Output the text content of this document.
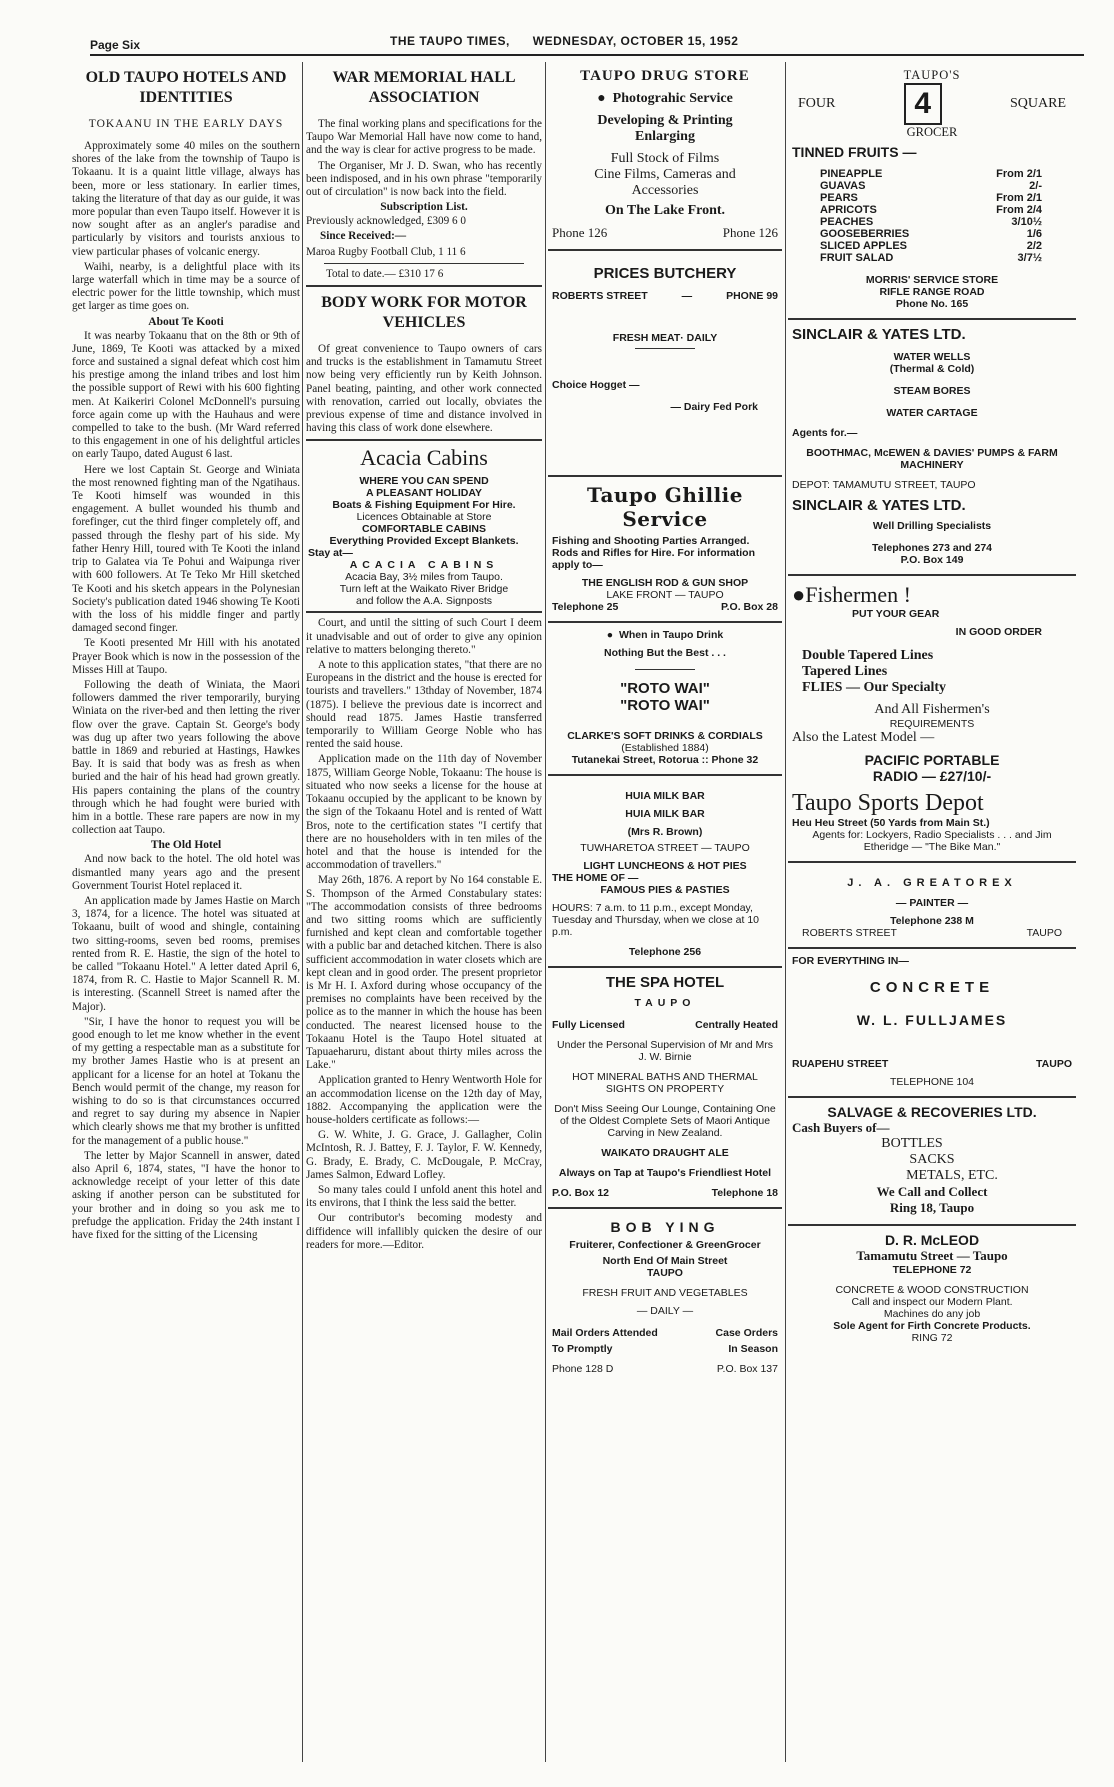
Page Six	THE TAUPO TIMES, WEDNESDAY, OCTOBER 15, 1952
OLD TAUPO HOTELS AND IDENTITIES
TOKAANU IN THE EARLY DAYS

Approximately some 40 miles on the southern shores of the lake from the township of Taupo is Tokaanu. It is a quaint little village, always has been, more or less stationary. In earlier times, taking the literature of that day as our guide, it was more popular than even Taupo itself. However it is now sought after as an angler's paradise and particularly by visitors and tourists anxious to view particular phases of volcanic energy.

Waihi, nearby, is a delightful place with its large waterfall which in time may be a source of electric power for the little township, which must get larger as time goes on.

About Te Kooti

It was nearby Tokaanu that on the 8th or 9th of June, 1869, Te Kooti was attacked by a mixed force and sustained a signal defeat which cost him his prestige among the inland tribes and lost him the possible support of Rewi with his 600 fighting men. At Kaikeriri Colonel McDonnell's pursuing force again come up with the Hauhaus and were compelled to take to the bush. (Mr Ward referred to this engagement in one of his delightful articles on early Taupo, dated August 6 last.

Here we lost Captain St. George and Winiata the most renowned fighting man of the Ngatihaus. Te Kooti himself was wounded in this engagement. A bullet wounded his thumb and forefinger, cut the third finger completely off, and passed through the fleshy part of his side. My father Henry Hill, toured with Te Kooti the inland trip to Galatea via Te Pohui and Waipunga river with 600 followers. At Te Teko Mr Hill sketched Te Kooti and his sketch appears in the Polynesian Society's publication dated 1946 showing Te Kooti with the loss of his middle finger and partly damaged second finger.

Te Kooti presented Mr Hill with his anotated Prayer Book which is now in the possession of the Misses Hill at Taupo.

Following the death of Winiata, the Maori followers dammed the river temporarily, burying Winiata on the river-bed and then letting the river flow over the grave. Captain St. George's body was dug up after two years following the above battle in 1869 and reburied at Hastings, Hawkes Bay. It is said that body was as fresh as when buried and the hair of his head had grown greatly. His papers containing the plans of the country through which he had fought were buried with him in a bottle. These rare papers are now in my collection aat Taupo.

The Old Hotel

And now back to the hotel. The old hotel was dismantled many years ago and the present Government Tourist Hotel replaced it.

An application made by James Hastie on March 3, 1874, for a licence. The hotel was situated at Tokaanu, built of wood and shingle, containing two sitting-rooms, seven bed rooms, premises rented from R. E. Hastie, the sign of the hotel to be called "Tokaanu Hotel." A letter dated April 6, 1874, from R. C. Hastie to Major Scannell R. M. is interesting. (Scannell Street is named after the Major).

"Sir, I have the honor to request you will be good enough to let me know whether in the event of my getting a respectable man as a substitute for my brother James Hastie who is at present an applicant for a license for an hotel at Tokanu the Bench would permit of the change, my reason for wishing to do so is that circumstances occurred and regret to say during my absence in Napier which clearly shows me that my brother is unfitted for the management of a public house."

The letter by Major Scannell in answer, dated also April 6, 1874, states, "I have the honor to acknowledge receipt of your letter of this date asking if another person can be substituted for your brother and in doing so you ask me to prefudge the application. Friday the 24th instant I have fixed for the sitting of the Licensing

WAR MEMORIAL HALL ASSOCIATION

The final working plans and specifications for the Taupo War Memorial Hall have now come to hand, and the way is clear for active progress to be made.

The Organiser, Mr J. D. Swan, who has recently been indisposed, and in his own phrase "temporarily out of circulation" is now back into the field.

Subscription List.

Previously acknowledged, £309 6 0

Since Received:—

Maroa Rugby Football Club, 1 11 6

Total to date.— £310 17 6

BODY WORK FOR MOTOR VEHICLES

Of great convenience to Taupo owners of cars and trucks is the establishment in Tamamutu Street now being very efficiently run by Keith Johnson. Panel beating, painting, and other work connected with renovation, carried out locally, obviates the previous expense of time and distance involved in having this class of work done elsewhere.

Acacia Cabins
WHERE YOU CAN SPEND
A PLEASANT HOLIDAY
Boats & Fishing Equipment For Hire.
Licences Obtainable at Store
COMFORTABLE CABINS
Everything Provided Except Blankets.
Stay at—
ACACIA CABINS
Acacia Bay, 3½ miles from Taupo.
Turn left at the Waikato River Bridge
and follow the A.A. Signposts

Court, and until the sitting of such Court I deem it unadvisable and out of order to give any opinion relative to matters belonging thereto."

A note to this application states, "that there are no Europeans in the district and the house is erected for tourists and travellers." 13thday of November, 1874 (1875). I believe the previous date is incorrect and should read 1875. James Hastie transferred temporarily to William George Noble who has rented the said house.

Application made on the 11th day of November 1875, William George Noble, Tokaanu: The house is situated who now seeks a license for the house at Tokaanu occupied by the applicant to be known by the sign of the Tokaanu Hotel and is rented of Watt Bros, note to the certification states "I certify that there are no householders with in ten miles of the hotel and that the house is intended for the accommodation of travellers."

May 26th, 1876. A report by No 164 constable E. S. Thompson of the Armed Constabulary states: "The accommodation consists of three bedrooms and two sitting rooms which are sufficiently furnished and kept clean and comfortable together with a public bar and detached kitchen. There is also sufficient accommodation in water closets which are kept clean and in good order. The present proprietor is Mr H. I. Axford during whose occupancy of the premises no complaints have been received by the police as to the manner in which the house has been conducted. The nearest licensed house to the Tokaanu Hotel is the Taupo Hotel situated at Tapuaeharuru, distant about thirty miles across the Lake."

Application granted to Henry Wentworth Hole for an accommodation license on the 12th day of May, 1882. Accompanying the application were the house-holders certificate as follows:—

G. W. White, J. G. Grace, J. Gallagher, Colin McIntosh, R. J. Battey, F. J. Taylor, F. W. Kennedy, G. Brady, E. Brady, C. McDougale, P. McCray, James Salmon, Edward Lofley.

So many tales could I unfold anent this hotel and its environs, that I think the less said the better.

Our contributor's becoming modesty and diffidence will infallibly quicken the desire of our readers for more.—Editor.

TAUPO DRUG STORE
● Photograhic Service
Developing & Printing
Enlarging
Full Stock of Films
Cine Films, Cameras and
Accessories
On The Lake Front.
Phone 126	Phone 126
PRICES BUTCHERY
ROBERTS STREET	—	PHONE 99
FRESH MEAT· DAILY
Choice Hogget —
— Dairy Fed Pork
Taupo Ghillie Service
Fishing and Shooting Parties Arranged.
Rods and Rifles for Hire. For information apply to—
THE ENGLISH ROD & GUN SHOP
LAKE FRONT — TAUPO
Telephone 25	P.O. Box 28
● When in Taupo Drink
Nothing But the Best . . .
"ROTO WAI"
"ROTO WAI"
CLARKE'S SOFT DRINKS & CORDIALS
(Established 1884)
Tutanekai Street, Rotorua :: Phone 32
HUIA MILK BAR
HUIA MILK BAR
(Mrs R. Brown)
TUWHARETOA STREET — TAUPO
LIGHT LUNCHEONS & HOT PIES
THE HOME OF —
FAMOUS PIES & PASTIES
HOURS: 7 a.m. to 11 p.m., except Monday, Tuesday and Thursday, when we close at 10 p.m.
Telephone 256
THE SPA HOTEL
TAUPO
Fully Licensed	Centrally Heated
Under the Personal Supervision of Mr and Mrs J. W. Birnie
HOT MINERAL BATHS AND THERMAL SIGHTS ON PROPERTY
Don't Miss Seeing Our Lounge, Containing One of the Oldest Complete Sets of Maori Antique Carving in New Zealand.
WAIKATO DRAUGHT ALE
Always on Tap at Taupo's Friendliest Hotel
P.O. Box 12	Telephone 18
BOB YING
Fruiterer, Confectioner & GreenGrocer
North End Of Main Street
TAUPO
FRESH FRUIT AND VEGETABLES
— DAILY —
Mail Orders Attended	Case Orders
To Promptly	In Season
Phone 128 D	P.O. Box 137
TAUPO'S
FOUR	4	SQUARE
GROCER
TINNED FRUITS —
PINEAPPLE	From 2/1
GUAVAS	2/-
PEARS	From 2/1
APRICOTS	From 2/4
PEACHES	3/10½
GOOSEBERRIES	1/6
SLICED APPLES	2/2
FRUIT SALAD	3/7½
MORRIS' SERVICE STORE
RIFLE RANGE ROAD
Phone No. 165
SINCLAIR & YATES LTD.
WATER WELLS
(Thermal & Cold)
STEAM BORES
WATER CARTAGE
Agents for.—
BOOTHMAC, McEWEN & DAVIES' PUMPS & FARM MACHINERY
DEPOT: TAMAMUTU STREET, TAUPO
SINCLAIR & YATES LTD.
Well Drilling Specialists
Telephones 273 and 274
P.O. Box 149
●Fishermen !
PUT YOUR GEAR
IN GOOD ORDER
Double Tapered Lines
Tapered Lines
FLIES — Our Specialty
And All Fishermen's
REQUIREMENTS
Also the Latest Model —
PACIFIC PORTABLE
RADIO — £27/10/-
Taupo Sports Depot
Heu Heu Street (50 Yards from Main St.)
Agents for: Lockyers, Radio Specialists . . . and Jim Etheridge — "The Bike Man."
J. A. GREATOREX
— PAINTER —
Telephone 238 M
ROBERTS STREET	TAUPO
FOR EVERYTHING IN—
CONCRETE
W. L. FULLJAMES
RUAPEHU STREET	TAUPO
TELEPHONE 104
SALVAGE & RECOVERIES LTD.
Cash Buyers of—
BOTTLES
SACKS
METALS, ETC.
We Call and Collect
Ring 18, Taupo
D. R. McLEOD
Tamamutu Street — Taupo
TELEPHONE 72
CONCRETE & WOOD CONSTRUCTION
Call and inspect our Modern Plant.
Machines do any job
Sole Agent for Firth Concrete Products.
RING 72
